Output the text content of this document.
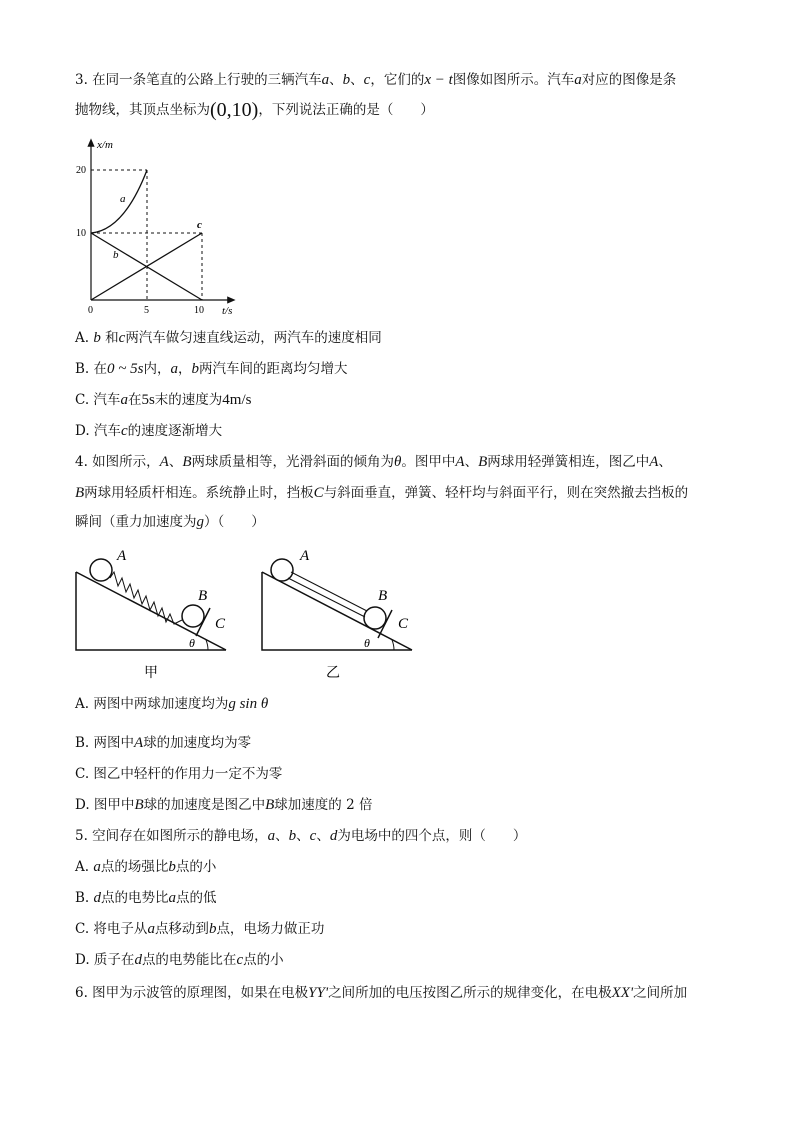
3. 在同一条笔直的公路上行驶的三辆汽车a、b、c，它们的x − t图像如图所示。汽车a对应的图像是条
抛物线，其顶点坐标为(0,10)，下列说法正确的是（　　）
x/m
20
10
0	5	10 t/s
a
b
c
A. b 和c两汽车做匀速直线运动，两汽车的速度相同
B. 在0 ~ 5s内，a，b两汽车间的距离均匀增大
C. 汽车a在5s末的速度为4m/s
D. 汽车c的速度逐渐增大
4. 如图所示，A、B两球质量相等，光滑斜面的倾角为θ。图甲中A、B两球用轻弹簧相连，图乙中A、
B两球用轻质杆相连。系统静止时，挡板C与斜面垂直，弹簧、轻杆均与斜面平行，则在突然撤去挡板的
瞬间（重力加速度为g）（　　）
A
B
C
θ
甲
A
B
C
θ
乙
A. 两图中两球加速度均为g sin θ
B. 两图中A球的加速度均为零
C. 图乙中轻杆的作用力一定不为零
D. 图甲中B球的加速度是图乙中B球加速度的 2 倍
5. 空间存在如图所示的静电场，a、b、c、d为电场中的四个点，则（　　）
A. a点的场强比b点的小
B. d点的电势比a点的低
C. 将电子从a点移动到b点，电场力做正功
D. 质子在d点的电势能比在c点的小
6. 图甲为示波管的原理图，如果在电极YY'之间所加的电压按图乙所示的规律变化，在电极XX'之间所加
